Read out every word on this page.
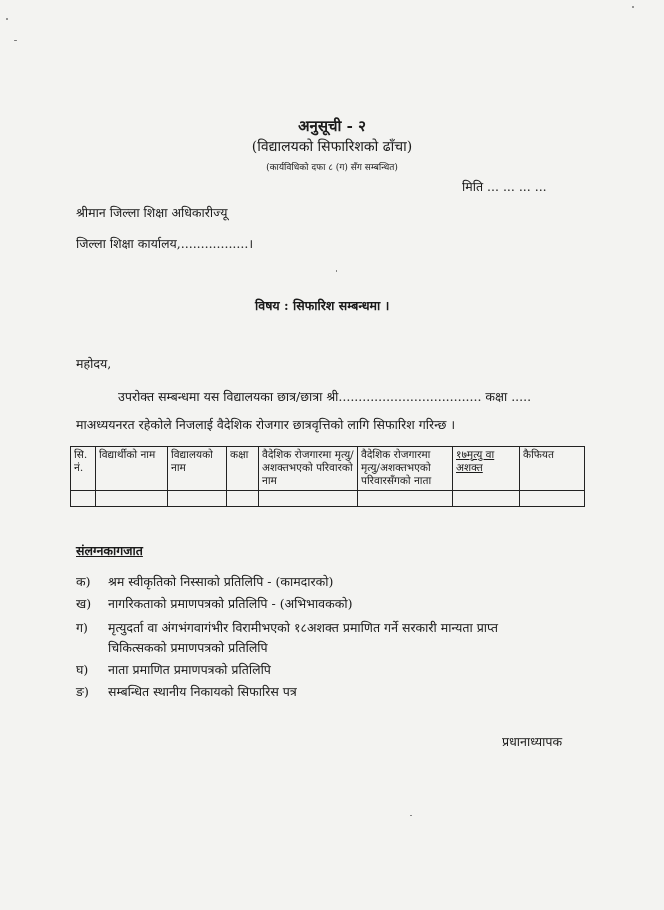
अनुसूची - २
(विद्यालयको सिफारिशको ढाँचा)
(कार्यविधिको दफा ८ (ग) सँग सम्बन्धित)
मिति ... ... ... ...
श्रीमान जिल्ला शिक्षा अधिकारीज्यू
जिल्ला शिक्षा कार्यालय,.................।
विषय : सिफारिश सम्बन्धमा ।
महोदय,
उपरोक्त सम्बन्धमा यस विद्यालयका छात्र/छात्रा श्री.................................... कक्षा .....
माअध्ययनरत रहेकोले निजलाई वैदेशिक रोजगार छात्रवृत्तिको लागि सिफारिश गरिन्छ ।
सि. नं.	विद्यार्थीको नाम	विद्यालयको नाम	कक्षा	वैदेशिक रोजगारमा मृत्यु/अशक्तभएको परिवारको नाम	वैदेशिक रोजगारमा मृत्यु/अशक्तभएको परिवारसँगको नाता	१७मृत्यु वा अशक्त	कैफियत

संलग्नकागजात
क) श्रम स्वीकृतिको निस्साको प्रतिलिपि - (कामदारको)
ख) नागरिकताको प्रमाणपत्रको प्रतिलिपि - (अभिभावकको)
ग) मृत्युदर्ता वा अंगभंगवागंभीर विरामीभएको १८अशक्त प्रमाणित गर्ने सरकारी मान्यता प्राप्त
चिकित्सकको प्रमाणपत्रको प्रतिलिपि
घ) नाता प्रमाणित प्रमाणपत्रको प्रतिलिपि
ङ) सम्बन्धित स्थानीय निकायको सिफारिस पत्र
प्रधानाध्यापक
